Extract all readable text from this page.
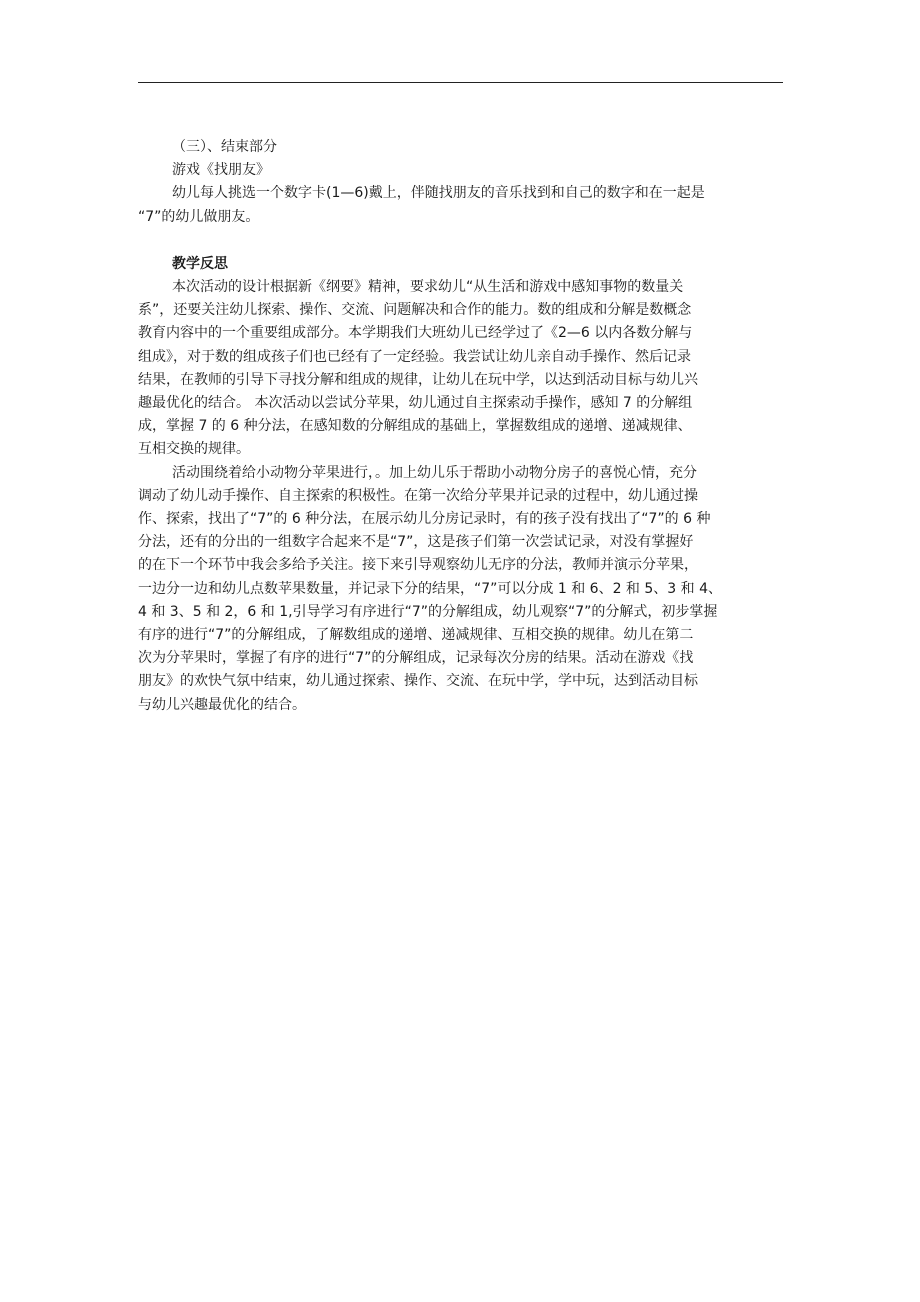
（三）、结束部分

游戏《找朋友》

幼儿每人挑选一个数字卡(1—6)戴上，伴随找朋友的音乐找到和自己的数字和在一起是

“7”的幼儿做朋友。

教学反思

本次活动的设计根据新《纲要》精神，要求幼儿“从生活和游戏中感知事物的数量关

系”，还要关注幼儿探索、操作、交流、问题解决和合作的能力。数的组成和分解是数概念

教育内容中的一个重要组成部分。本学期我们大班幼儿已经学过了《2—6 以内各数分解与

组成》，对于数的组成孩子们也已经有了一定经验。我尝试让幼儿亲自动手操作、然后记录

结果，在教师的引导下寻找分解和组成的规律，让幼儿在玩中学，以达到活动目标与幼儿兴

趣最优化的结合。 本次活动以尝试分苹果，幼儿通过自主探索动手操作，感知 7 的分解组

成，掌握 7 的 6 种分法，在感知数的分解组成的基础上，掌握数组成的递增、递减规律、

互相交换的规律。

活动围绕着给小动物分苹果进行，。加上幼儿乐于帮助小动物分房子的喜悦心情，充分

调动了幼儿动手操作、自主探索的积极性。在第一次给分苹果并记录的过程中，幼儿通过操

作、探索，找出了“7”的 6 种分法，在展示幼儿分房记录时，有的孩子没有找出了“7”的 6 种

分法，还有的分出的一组数字合起来不是“7”，这是孩子们第一次尝试记录，对没有掌握好

的在下一个环节中我会多给予关注。接下来引导观察幼儿无序的分法，教师并演示分苹果，

一边分一边和幼儿点数苹果数量，并记录下分的结果，“7”可以分成 1 和 6、2 和 5、3 和 4、

4 和 3、5 和 2，6 和 1,引导学习有序进行“7”的分解组成，幼儿观察“7”的分解式，初步掌握

有序的进行“7”的分解组成，了解数组成的递增、递减规律、互相交换的规律。幼儿在第二

次为分苹果时，掌握了有序的进行“7”的分解组成，记录每次分房的结果。活动在游戏《找

朋友》的欢快气氛中结束，幼儿通过探索、操作、交流、在玩中学，学中玩，达到活动目标

与幼儿兴趣最优化的结合。
